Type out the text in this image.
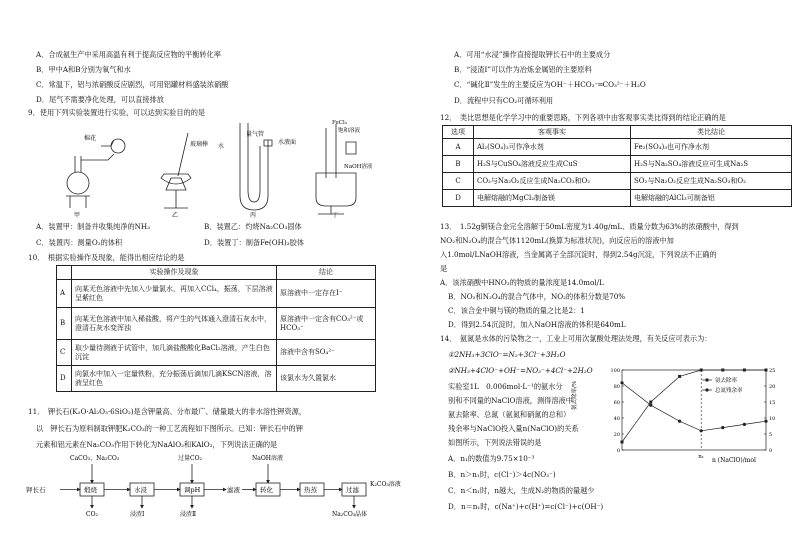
A．合成氨生产中采用高温有利于提高反应物的平衡转化率
B．甲中A和B分别为氧气和水
C．常温下，铝与浓硝酸反应剧烈，可用铝罐材料盛装浓硝酸
D．尾气不需要净化处理，可以直接排放
9．使用下列实验装置进行实验，可以达到实验目的的是
棉花
玻璃棒 水
量气管
水液面
FeCl₃
饱和溶液
NaOH溶液
甲	乙	丙	丁
A．装置甲：制备并收集纯净的NH₃	B．装置乙：灼烧Na₂CO₃固体
C．装置丙：测量O₂的体积	D．装置丁：制备Fe(OH)₃胶体
10．　根据实验操作及现象，能得出相应结论的是
	实验操作及现象	结论
A	向某无色溶液中先加入少量氯水，再加入CCl₄，振荡，下层溶液呈紫红色	原溶液中一定存在I⁻
B	向某无色溶液中加入稀盐酸，将产生的气体通入澄清石灰水中，澄清石灰水变浑浊	原溶液中一定含有CO₃²⁻或HCO₃⁻
C	取少量待测液于试管中，加几滴盐酸酸化BaCl₂溶液，产生白色沉淀	溶液中含有SO₄²⁻
D	向氯水中加入一定量铁粉，充分振荡后滴加几滴KSCN溶液，溶液呈红色	该氯水为久置氯水
11．　钾长石(K₂O·Al₂O₃·6SiO₂)是含钾量高、分布最广、储量最大的非水溶性钾资源，
以　钾长石为原料制取钾肥K₂CO₃的一种工艺流程如下图所示。已知：钾长石中的钾
元素和铝元素在Na₂CO₃作用下转化为NaAlO₂和KAlO₂，下列说法正确的是
钾长石	煅烧	水浸	调pH	滤液	转化	热蒸	过滤
K₂CO₃溶液
CaCO₃、Na₂CO₃
CO₂	浸渣Ⅰ
过量CO₂
浸渣Ⅱ
NaOH溶液
Na₂CO₃晶体
A．可用“水浸”操作直接提取钾长石中的主要成分
B．“浸渣Ⅰ”可以作为冶炼金属铝的主要原料
C．“碱化Ⅱ”发生的主要反应为OH⁻＋HCO₃⁻═CO₃²⁻＋H₂O
D．流程中只有CO₂可循环利用
12．　类比思想是化学学习中的重要思路，下列各项中由客观事实类比得到的结论正确的是
选项	客观事实	类比结论
A	Al₂(SO₄)₃可作净水剂	Fe₂(SO₄)₃也可作净水剂
B	H₂S与CuSO₄溶液反应生成CuS	H₂S与Na₂SO₄溶液反应可生成Na₂S
C	CO₂与Na₂O₂反应生成Na₂CO₃和O₂	SO₂与Na₂O₂反应生成Na₂SO₃和O₂
D	电解熔融的MgCl₂制备镁	电解熔融的AlCl₃可制备铝
13．　1.52g铜镁合金完全溶解于50mL密度为1.40g/mL、质量分数为63%的浓硝酸中，得到
NO₂和N₂O₄的混合气体1120mL(换算为标准状况)，向反应后的溶液中加
入1.0mol/LNaOH溶液，当金属离子全部沉淀时，得到2.54g沉淀，下列说法不正确的
是
A．该浓硝酸中HNO₃的物质的量浓度是14.0mol/L
B．NO₂和N₂O₄的混合气体中，NO₂的体积分数是70%
C．该合金中铜与镁的物质的量之比是2：1
D．得到2.54沉淀时，加入NaOH溶液的体积是640mL
14．　氨氮是水体的污染物之一，工业上可用次氯酸处理法处理，有关反应可表示为：
①2NH₃+3ClO⁻=N₂+3Cl⁻+3H₂O
②NH₃+4ClO⁻+OH⁻=NO₃⁻+4Cl⁻+2H₂O
实验室1L　0.006mol·L⁻¹的氨水分
别和不同量的NaClO溶液，测得溶液中
氨去除率、总氮（氨氮和硝氮的总和）
残余率与NaClO投入量n(NaClO)的关系
如图所示，下列说法错误的是
A．n₁的数值为9.75×10⁻³
B．n＞n₁时，c(Cl⁻)＞4c(NO₃⁻)
C．n＜n₁时，n越大，生成N₂的物质的量越少
D．n＝n₁时，c(Na⁺)+c(H⁺)=c(Cl⁻)+c(OH⁻)
氨去除率/%
n (NaClO)/mol
100
80
60
40
20
0
25
20
15
10
5
0
n₁
氨去除率
总氮残余率
